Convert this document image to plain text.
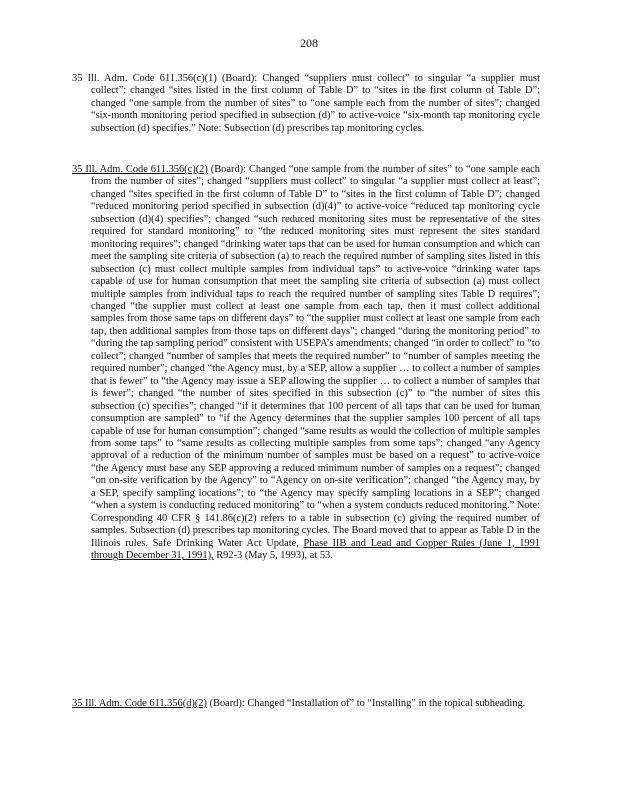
208

35 Ill. Adm. Code 611.356(c)(1) (Board): Changed “suppliers must collect” to singular “a supplier must collect”; changed “sites listed in the first column of Table D” to “sites in the first column of Table D”; changed “one sample from the number of sites” to “one sample each from the number of sites”; changed “six-month monitoring period specified in subsection (d)” to active-voice “six-month tap monitoring cycle subsection (d) specifies.” Note: Subsection (d) prescribes tap monitoring cycles.

35 Ill. Adm. Code 611.356(c)(2) (Board): Changed “one sample from the number of sites” to “one sample each from the number of sites”; changed “suppliers must collect” to singular “a supplier must collect at least”; changed “sites specified in the first column of Table D” to “sites in the first column of Table D”; changed “reduced monitoring period specified in subsection (d)(4)” to active-voice “reduced tap monitoring cycle subsection (d)(4) specifies”; changed “such reduced monitoring sites must be representative of the sites required for standard monitoring” to “the reduced monitoring sites must represent the sites standard monitoring requires”; changed “drinking water taps that can be used for human consumption and which can meet the sampling site criteria of subsection (a) to reach the required number of sampling sites listed in this subsection (c) must collect multiple samples from individual taps” to active-voice “drinking water taps capable of use for human consumption that meet the sampling site criteria of subsection (a) must collect multiple samples from individual taps to reach the required number of sampling sites Table D requires”; changed “the supplier must collect at least one sample from each tap, then it must collect additional samples from those same taps on different days” to “the supplier must collect at least one sample from each tap, then additional samples from those taps on different days”; changed “during the monitoring period” to “during the tap sampling period” consistent with USEPA’s amendments; changed “in order to collect” to “to collect”; changed “number of samples that meets the required number” to “number of samples meeting the required number”; changed “the Agency must, by a SEP, allow a supplier … to collect a number of samples that is fewer” to “the Agency may issue a SEP allowing the supplier … to collect a number of samples that is fewer”; changed “the number of sites specified in this subsection (c)” to “the number of sites this subsection (c) specifies”; changed “if it determines that 100 percent of all taps that can be used for human consumption are sampled” to “if the Agency determines that the supplier samples 100 percent of all taps capable of use for human consumption”; changed “same results as would the collection of multiple samples from some taps” to “same results as collecting multiple samples from some taps”; changed “any Agency approval of a reduction of the minimum number of samples must be based on a request” to active-voice “the Agency must base any SEP approving a reduced minimum number of samples on a request”; changed “on on-site verification by the Agency” to “Agency on on-site verification”; changed “the Agency may, by a SEP, specify sampling locations”; to “the Agency may specify sampling locations in a SEP”; changed “when a system is conducting reduced monitoring” to “when a system conducts reduced monitoring.” Note: Corresponding 40 CFR § 141.86(c)(2) refers to a table in subsection (c) giving the required number of samples. Subsection (d) prescribes tap monitoring cycles. The Board moved that to appear as Table D in the Illinois rules. Safe Drinking Water Act Update, Phase IIB and Lead and Copper Rules (June 1, 1991 through December 31, 1991), R92-3 (May 5, 1993), at 53.

35 Ill. Adm. Code 611.356(d)(2) (Board): Changed “Installation of” to “Installing” in the topical subheading.
